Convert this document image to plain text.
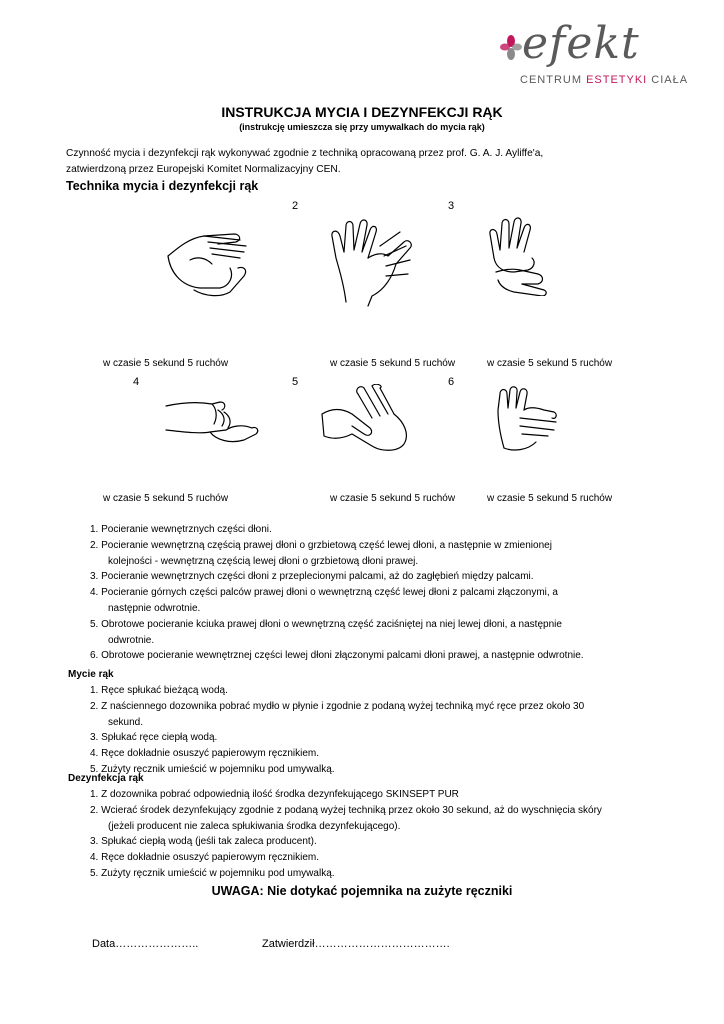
efekt
CENTRUM ESTETYKI CIAŁA
INSTRUKCJA MYCIA I DEZYNFEKCJI RĄK
(instrukcję umieszcza się przy umywalkach do mycia rąk)
Czynność mycia i dezynfekcji rąk wykonywać zgodnie z techniką opracowaną przez prof. G. A. J. Ayliffe'a,
zatwierdzoną przez Europejski Komitet Normalizacyjny CEN.
Technika mycia i dezynfekcji rąk
2	3
w czasie 5 sekund 5 ruchów	w czasie 5 sekund 5 ruchów	w czasie 5 sekund 5 ruchów
4	5	6
w czasie 5 sekund 5 ruchów	w czasie 5 sekund 5 ruchów	w czasie 5 sekund 5 ruchów
1. Pocieranie wewnętrznych części dłoni.
2. Pocieranie wewnętrzną częścią prawej dłoni o grzbietową część lewej dłoni, a następnie w zmienionej
kolejności - wewnętrzną częścią lewej dłoni o grzbietową dłoni prawej.
3. Pocieranie wewnętrznych części dłoni z przeplecionymi palcami, aż do zagłębień między palcami.
4. Pocieranie górnych części palców prawej dłoni o wewnętrzną część lewej dłoni z palcami złączonymi, a
następnie odwrotnie.
5. Obrotowe pocieranie kciuka prawej dłoni o wewnętrzną część zaciśniętej na niej lewej dłoni, a następnie
odwrotnie.
6. Obrotowe pocieranie wewnętrznej części lewej dłoni złączonymi palcami dłoni prawej, a następnie odwrotnie.
Mycie rąk
1. Ręce spłukać bieżącą wodą.
2. Z naściennego dozownika pobrać mydło w płynie i zgodnie z podaną wyżej techniką myć ręce przez około 30
sekund.
3. Spłukać ręce ciepłą wodą.
4. Ręce dokładnie osuszyć papierowym ręcznikiem.
5. Zużyty ręcznik umieścić w pojemniku pod umywalką.
Dezynfekcja rąk
1. Z dozownika pobrać odpowiednią ilość środka dezynfekującego SKINSEPT PUR
2. Wcierać środek dezynfekujący zgodnie z podaną wyżej techniką przez około 30 sekund, aż do wyschnięcia skóry
(jeżeli producent nie zaleca spłukiwania środka dezynfekującego).
3. Spłukać ciepłą wodą (jeśli tak zaleca producent).
4. Ręce dokładnie osuszyć papierowym ręcznikiem.
5. Zużyty ręcznik umieścić w pojemniku pod umywalką.
UWAGA: Nie dotykać pojemnika na zużyte ręczniki
Data…………………..	Zatwierdził……………………………….
